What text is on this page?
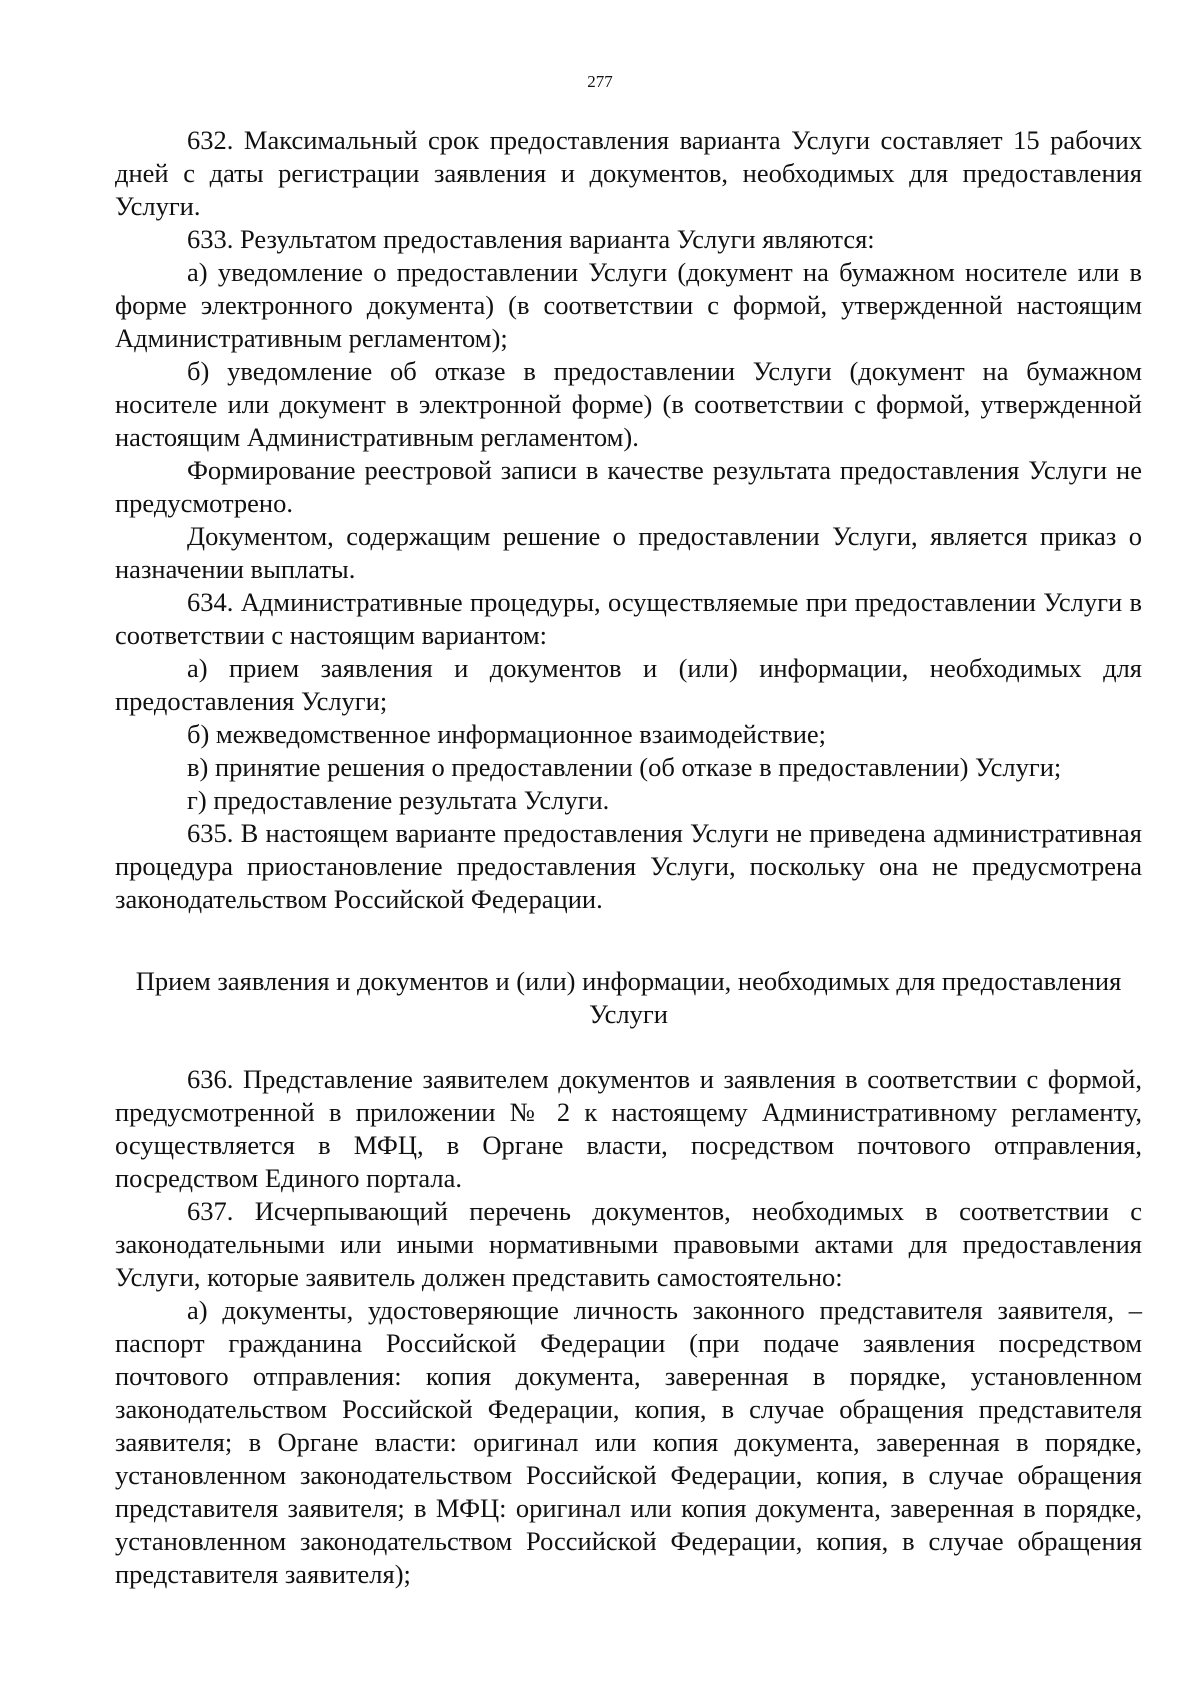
277

632. Максимальный срок предоставления варианта Услуги составляет 15 рабочих дней с даты регистрации заявления и документов, необходимых для предоставления Услуги.

633. Результатом предоставления варианта Услуги являются:

а) уведомление о предоставлении Услуги (документ на бумажном носителе или в форме электронного документа) (в соответствии с формой, утвержденной настоящим Административным регламентом);

б) уведомление об отказе в предоставлении Услуги (документ на бумажном носителе или документ в электронной форме) (в соответствии с формой, утвержденной настоящим Административным регламентом).

Формирование реестровой записи в качестве результата предоставления Услуги не предусмотрено.

Документом, содержащим решение о предоставлении Услуги, является приказ о назначении выплаты.

634. Административные процедуры, осуществляемые при предоставлении Услуги в соответствии с настоящим вариантом:

а) прием заявления и документов и (или) информации, необходимых для предоставления Услуги;

б) межведомственное информационное взаимодействие;

в) принятие решения о предоставлении (об отказе в предоставлении) Услуги;

г) предоставление результата Услуги.

635. В настоящем варианте предоставления Услуги не приведена административная процедура приостановление предоставления Услуги, поскольку она не предусмотрена законодательством Российской Федерации.

Прием заявления и документов и (или) информации, необходимых для предоставления Услуги

636. Представление заявителем документов и заявления в соответствии с формой, предусмотренной в приложении № 2 к настоящему Административному регламенту, осуществляется в МФЦ, в Органе власти, посредством почтового отправления, посредством Единого портала.

637. Исчерпывающий перечень документов, необходимых в соответствии с законодательными или иными нормативными правовыми актами для предоставления Услуги, которые заявитель должен представить самостоятельно:

а) документы, удостоверяющие личность законного представителя заявителя, – паспорт гражданина Российской Федерации (при подаче заявления посредством почтового отправления: копия документа, заверенная в порядке, установленном законодательством Российской Федерации, копия, в случае обращения представителя заявителя; в Органе власти: оригинал или копия документа, заверенная в порядке, установленном законодательством Российской Федерации, копия, в случае обращения представителя заявителя; в МФЦ: оригинал или копия документа, заверенная в порядке, установленном законодательством Российской Федерации, копия, в случае обращения представителя заявителя);
